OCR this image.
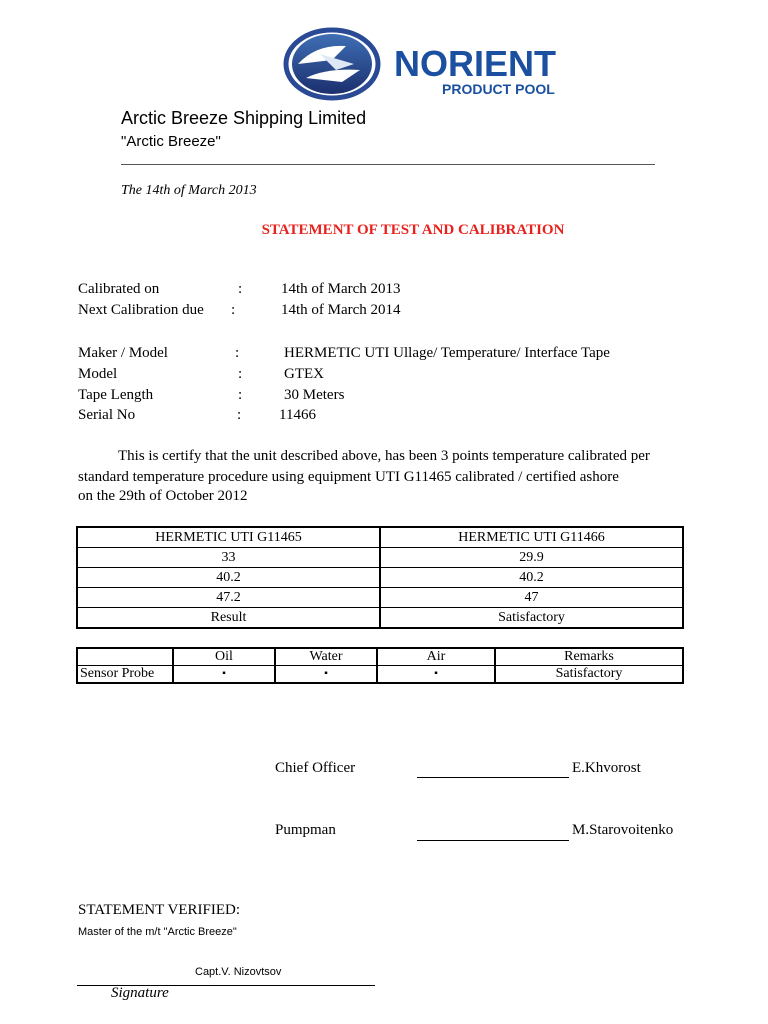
NORIENT
PRODUCT POOL
Arctic Breeze Shipping Limited
"Arctic Breeze"
The 14th of March 2013
STATEMENT OF TEST AND CALIBRATION
Calibrated on	:	14th of March 2013
Next Calibration due :	14th of March 2014
Maker / Model	:	HERMETIC UTI Ullage/ Temperature/ Interface Tape
Model	:	GTEX
Tape Length	:	30 Meters
Serial No	:	11466
This is certify that the unit described above, has been 3 points temperature calibrated per
standard temperature procedure using equipment UTI G11465 calibrated / certified ashore
on the 29th of October 2012
HERMETIC UTI G11465	HERMETIC UTI G11466
33	29.9
40.2	40.2
47.2	47
Result	Satisfactory
	Oil	Water	Air	Remarks
Sensor Probe	▪	▪	▪	Satisfactory
Chief Officer	E.Khvorost
Pumpman	M.Starovoitenko
STATEMENT VERIFIED:
Master of the m/t "Arctic Breeze"
Capt.V. Nizovtsov
Signature
